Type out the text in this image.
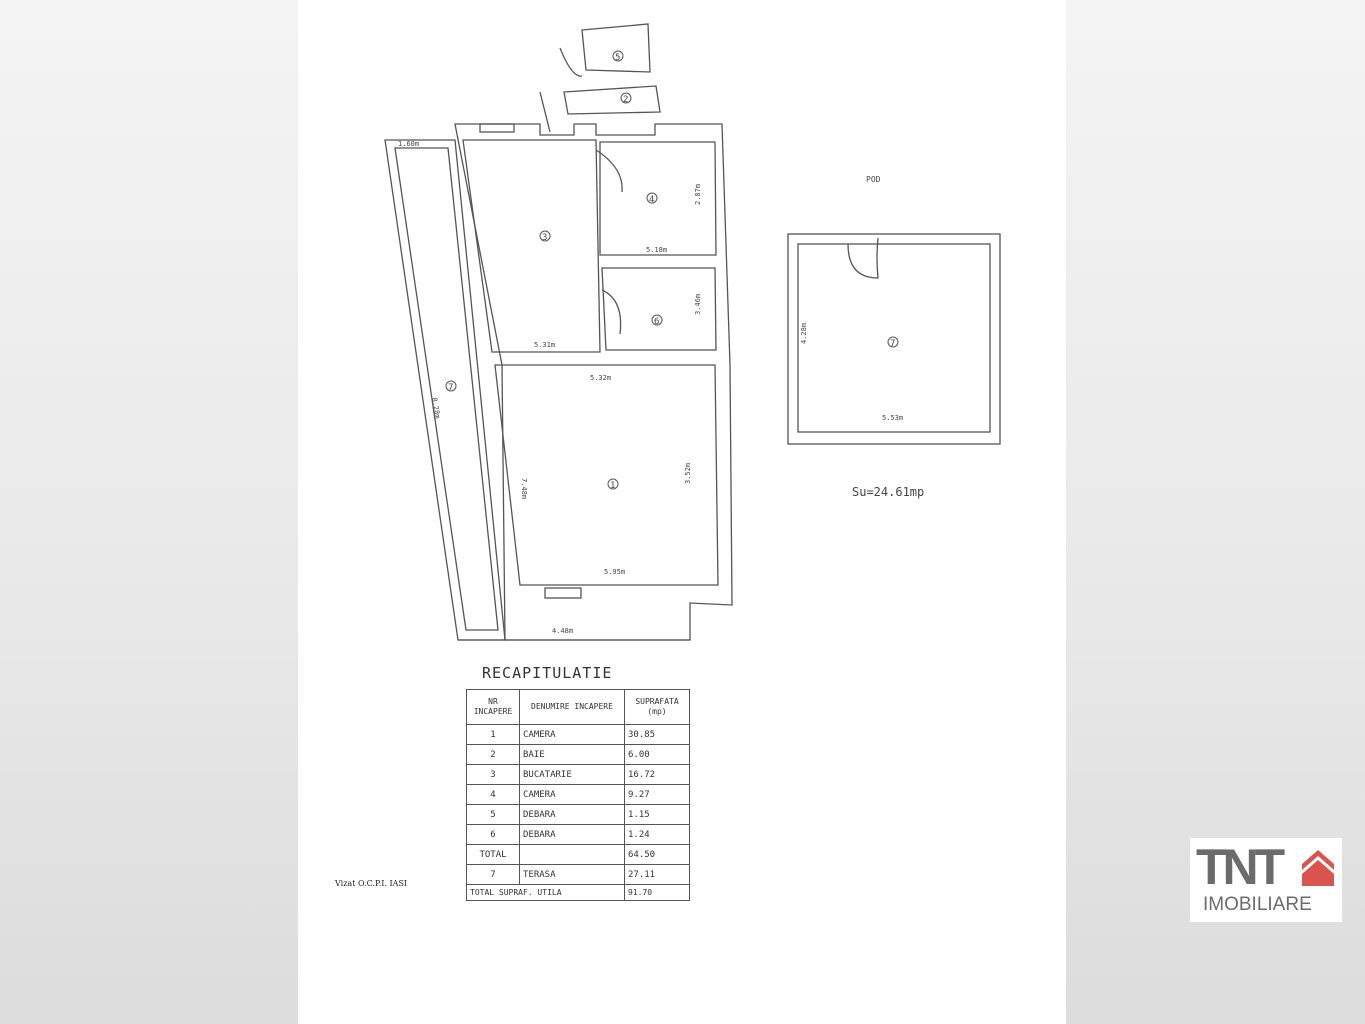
3
4
6
1
7
5
2
7
1.60m
5.18m
2.87m
5.32m
5.31m
8.28m
3.46m
3.52m
5.95m
5.53m
4.28m
7.48m
4.48m
POD
Su=24.61mp
RECAPITULATIE
NR INCAPERE	DENUMIRE INCAPERE	SUPRAFATA (mp)
1	CAMERA	30.85
2	BAIE	6.00
3	BUCATARIE	16.72
4	CAMERA	9.27
5	DEBARA	1.15
6	DEBARA	1.24
TOTAL		64.50
7	TERASA	27.11
TOTAL SUPRAF. UTILA		91.70
Vizat O.C.P.I. IASI	TNT
IMOBILIARE
